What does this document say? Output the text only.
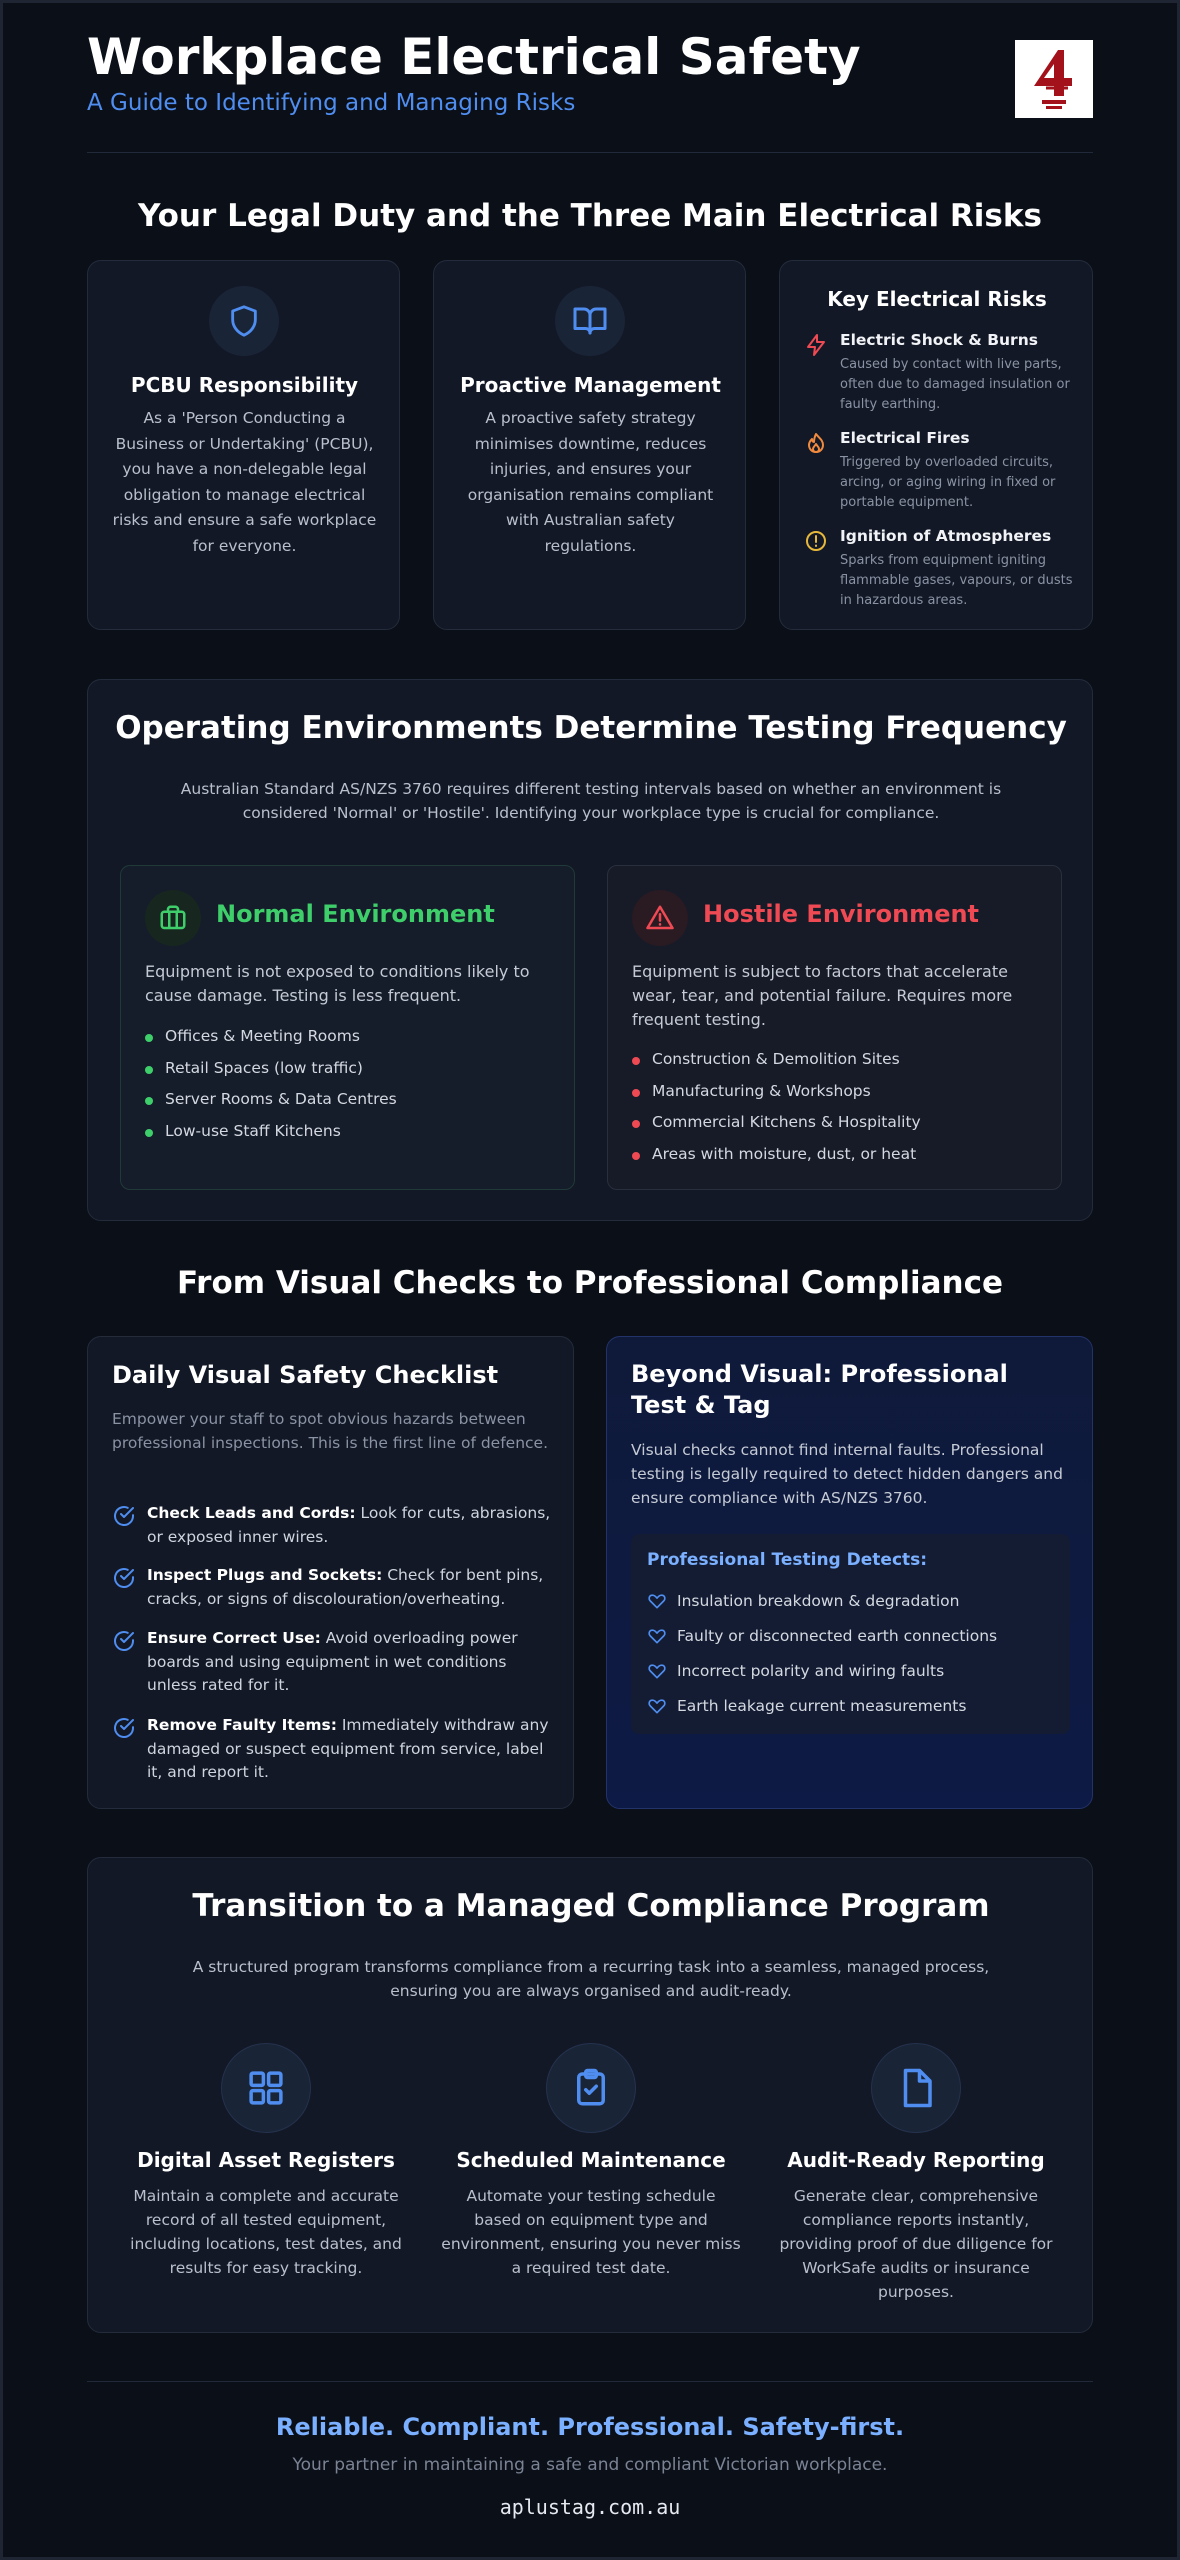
Workplace Electrical Safety
A Guide to Identifying and Managing Risks
Your Legal Duty and the Three Main Electrical Risks
PCBU Responsibility
As a 'Person Conducting a Business or Undertaking' (PCBU), you have a non-delegable legal obligation to manage electrical risks and ensure a safe workplace for everyone.
Proactive Management
A proactive safety strategy minimises downtime, reduces injuries, and ensures your organisation remains compliant with Australian safety regulations.
Key Electrical Risks
Electric Shock & Burns
Caused by contact with live parts, often due to damaged insulation or faulty earthing.
Electrical Fires
Triggered by overloaded circuits, arcing, or aging wiring in fixed or portable equipment.
Ignition of Atmospheres
Sparks from equipment igniting flammable gases, vapours, or dusts in hazardous areas.
Operating Environments Determine Testing Frequency
Australian Standard AS/NZS 3760 requires different testing intervals based on whether an environment is considered 'Normal' or 'Hostile'. Identifying your workplace type is crucial for compliance.
Normal Environment
Equipment is not exposed to conditions likely to cause damage. Testing is less frequent.
Offices & Meeting Rooms
Retail Spaces (low traffic)
Server Rooms & Data Centres
Low-use Staff Kitchens
Hostile Environment
Equipment is subject to factors that accelerate wear, tear, and potential failure. Requires more frequent testing.
Construction & Demolition Sites
Manufacturing & Workshops
Commercial Kitchens & Hospitality
Areas with moisture, dust, or heat
From Visual Checks to Professional Compliance
Daily Visual Safety Checklist
Empower your staff to spot obvious hazards between professional inspections. This is the first line of defence.
Check Leads and Cords: Look for cuts, abrasions, or exposed inner wires.
Inspect Plugs and Sockets: Check for bent pins, cracks, or signs of discolouration/overheating.
Ensure Correct Use: Avoid overloading power boards and using equipment in wet conditions unless rated for it.
Remove Faulty Items: Immediately withdraw any damaged or suspect equipment from service, label it, and report it.
Beyond Visual: Professional Test & Tag
Visual checks cannot find internal faults. Professional testing is legally required to detect hidden dangers and ensure compliance with AS/NZS 3760.
Professional Testing Detects:
Insulation breakdown & degradation
Faulty or disconnected earth connections
Incorrect polarity and wiring faults
Earth leakage current measurements
Transition to a Managed Compliance Program
A structured program transforms compliance from a recurring task into a seamless, managed process, ensuring you are always organised and audit-ready.
Digital Asset Registers
Maintain a complete and accurate record of all tested equipment, including locations, test dates, and results for easy tracking.
Scheduled Maintenance
Automate your testing schedule based on equipment type and environment, ensuring you never miss a required test date.
Audit-Ready Reporting
Generate clear, comprehensive compliance reports instantly, providing proof of due diligence for WorkSafe audits or insurance purposes.
Reliable. Compliant. Professional. Safety-first.
Your partner in maintaining a safe and compliant Victorian workplace.
aplustag.com.au
